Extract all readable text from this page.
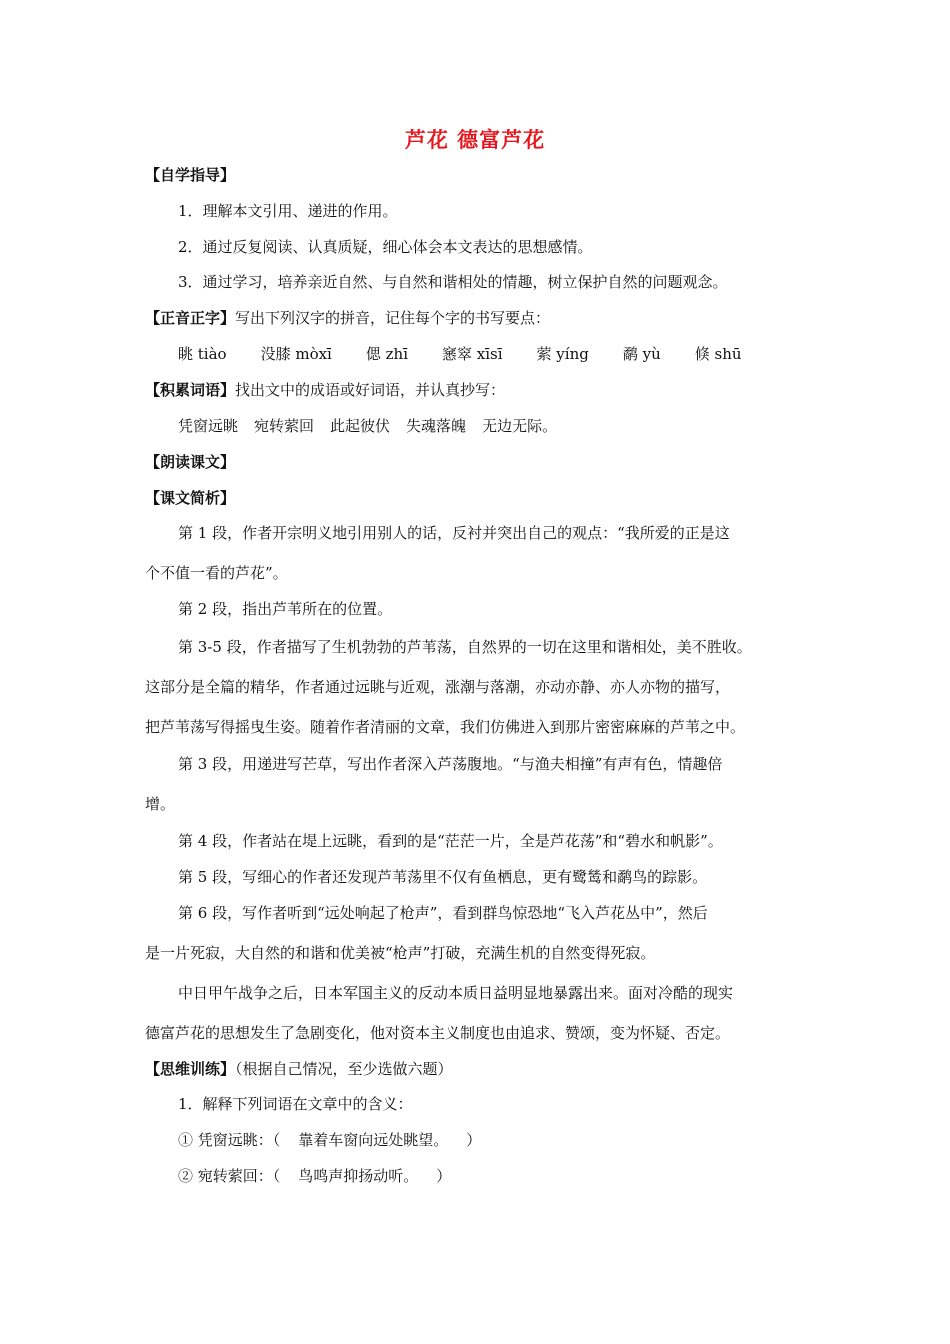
芦花 德富芦花
【自学指导】
1．理解本文引用、递进的作用。
2．通过反复阅读、认真质疑，细心体会本文表达的思想感情。
3．通过学习，培养亲近自然、与自然和谐相处的情趣，树立保护自然的问题观念。
【正音正字】写出下列汉字的拼音，记住每个字的书写要点：
眺 tiào 没膝 mòxī 偲 zhī 窸窣 xīsī 萦 yíng 鹬 yù 倏 shū
【积累词语】找出文中的成语或好词语，并认真抄写：
凭窗远眺 宛转萦回 此起彼伏 失魂落魄 无边无际。
【朗读课文】
【课文简析】
第 1 段，作者开宗明义地引用别人的话，反衬并突出自己的观点：“我所爱的正是这
个不值一看的芦花”。
第 2 段，指出芦苇所在的位置。
第 3-5 段，作者描写了生机勃勃的芦苇荡，自然界的一切在这里和谐相处，美不胜收。
这部分是全篇的精华，作者通过远眺与近观，涨潮与落潮，亦动亦静、亦人亦物的描写，
把芦苇荡写得摇曳生姿。随着作者清丽的文章，我们仿佛进入到那片密密麻麻的芦苇之中。
第 3 段，用递进写芒草，写出作者深入芦荡腹地。“与渔夫相撞”有声有色，情趣倍
增。
第 4 段，作者站在堤上远眺，看到的是“茫茫一片，全是芦花荡”和“碧水和帆影”。
第 5 段，写细心的作者还发现芦苇荡里不仅有鱼栖息，更有鹭鸶和鹬鸟的踪影。
第 6 段，写作者听到“远处响起了枪声”，看到群鸟惊恐地“飞入芦花丛中”，然后
是一片死寂，大自然的和谐和优美被“枪声”打破，充满生机的自然变得死寂。
中日甲午战争之后，日本军国主义的反动本质日益明显地暴露出来。面对冷酷的现实
德富芦花的思想发生了急剧变化，他对资本主义制度也由追求、赞颂，变为怀疑、否定。
【思维训练】（根据自己情况，至少选做六题）
1．解释下列词语在文章中的含义：
① 凭窗远眺：（ 靠着车窗向远处眺望。 ）
② 宛转萦回：（ 鸟鸣声抑扬动听。 ）
